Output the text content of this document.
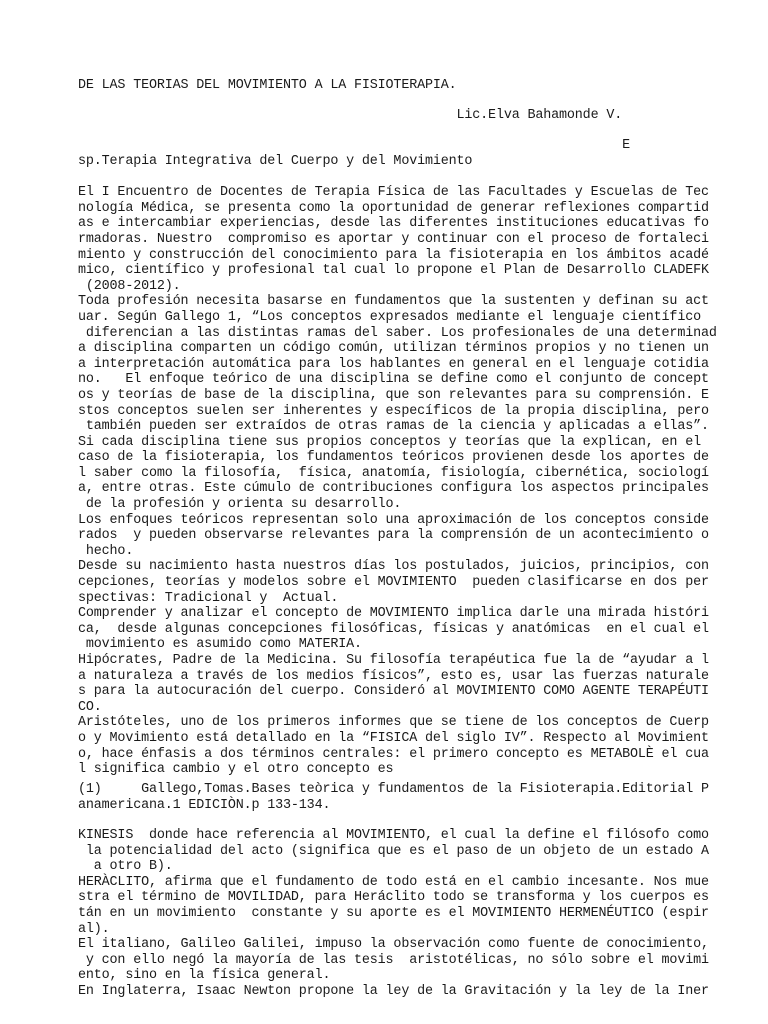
DE LAS TEORIAS DEL MOVIMIENTO A LA FISIOTERAPIA.
Lic.Elva Bahamonde V.
E
sp.Terapia Integrativa del Cuerpo y del Movimiento

El I Encuentro de Docentes de Terapia Física de las Facultades y Escuelas de Tec
nología Médica, se presenta como la oportunidad de generar reflexiones compartid
as e intercambiar experiencias, desde las diferentes instituciones educativas fo
rmadoras. Nuestro  compromiso es aportar y continuar con el proceso de fortaleci
miento y construcción del conocimiento para la fisioterapia en los ámbitos acadé
mico, científico y profesional tal cual lo propone el Plan de Desarrollo CLADEFK
(2008-2012).
Toda profesión necesita basarse en fundamentos que la sustenten y definan su act
uar. Según Gallego 1, “Los conceptos expresados mediante el lenguaje científico
diferencian a las distintas ramas del saber. Los profesionales de una determinad
a disciplina comparten un código común, utilizan términos propios y no tienen un
a interpretación automática para los hablantes en general en el lenguaje cotidia
no.   El enfoque teórico de una disciplina se define como el conjunto de concept
os y teorías de base de la disciplina, que son relevantes para su comprensión. E
stos conceptos suelen ser inherentes y específicos de la propia disciplina, pero
también pueden ser extraídos de otras ramas de la ciencia y aplicadas a ellas”.
Si cada disciplina tiene sus propios conceptos y teorías que la explican, en el
caso de la fisioterapia, los fundamentos teóricos provienen desde los aportes de
l saber como la filosofía,  física, anatomía, fisiología, cibernética, sociologí
a, entre otras. Este cúmulo de contribuciones configura los aspectos principales
de la profesión y orienta su desarrollo.
Los enfoques teóricos representan solo una aproximación de los conceptos conside
rados  y pueden observarse relevantes para la comprensión de un acontecimiento o
hecho.
Desde su nacimiento hasta nuestros días los postulados, juicios, principios, con
cepciones, teorías y modelos sobre el MOVIMIENTO  pueden clasificarse en dos per
spectivas: Tradicional y  Actual.
Comprender y analizar el concepto de MOVIMIENTO implica darle una mirada históri
ca,  desde algunas concepciones filosóficas, físicas y anatómicas  en el cual el
movimiento es asumido como MATERIA.
Hipócrates, Padre de la Medicina. Su filosofía terapéutica fue la de “ayudar a l
a naturaleza a través de los medios físicos”, esto es, usar las fuerzas naturale
s para la autocuración del cuerpo. Consideró al MOVIMIENTO COMO AGENTE TERAPÉUTI
CO.
Aristóteles, uno de los primeros informes que se tiene de los conceptos de Cuerp
o y Movimiento está detallado en la “FISICA del siglo IV”. Respecto al Movimient
o, hace énfasis a dos términos centrales: el primero concepto es METABOLÈ el cua
l significa cambio y el otro concepto es
(1)     Gallego,Tomas.Bases teòrica y fundamentos de la Fisioterapia.Editorial P
anamericana.1 EDICIÒN.p 133-134.
KINESIS  donde hace referencia al MOVIMIENTO, el cual la define el filósofo como
la potencialidad del acto (significa que es el paso de un objeto de un estado A
a otro B).
HERÀCLITO, afirma que el fundamento de todo está en el cambio incesante. Nos mue
stra el término de MOVILIDAD, para Heráclito todo se transforma y los cuerpos es
tán en un movimiento  constante y su aporte es el MOVIMIENTO HERMENÉUTICO (espir
al).
El italiano, Galileo Galilei, impuso la observación como fuente de conocimiento,
y con ello negó la mayoría de las tesis  aristotélicas, no sólo sobre el movimi
ento, sino en la física general.
En Inglaterra, Isaac Newton propone la ley de la Gravitación y la ley de la Iner
